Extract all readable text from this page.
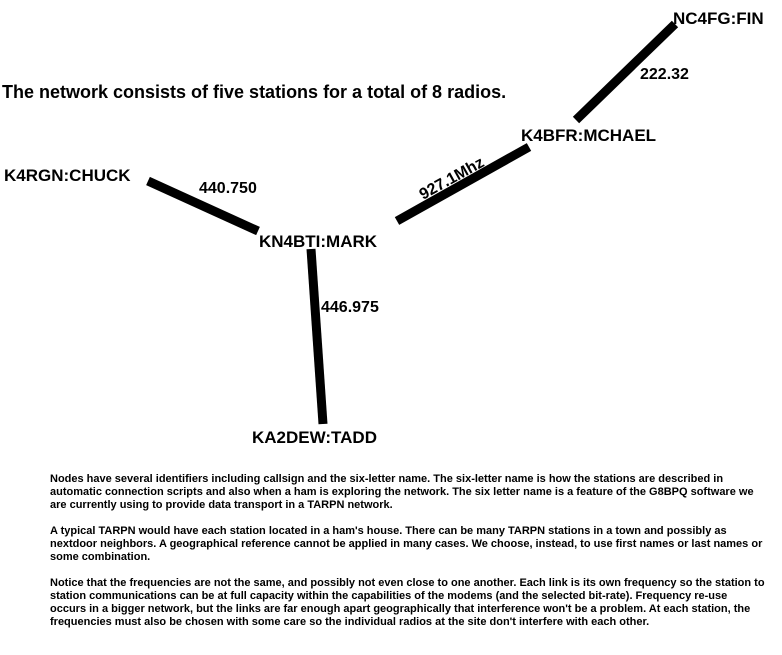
K4RGN:CHUCK
KN4BTI:MARK
KA2DEW:TADD
K4BFR:MCHAEL
NC4FG:FIN
440.750
446.975
927.1Mhz
222.32
The network consists of five stations for a total of 8 radios.

Nodes have several identifiers including callsign and the six-letter name. The six-letter name is how the stations are described in automatic connection scripts and also when a ham is exploring the network. The six letter name is a feature of the G8BPQ software we are currently using to provide data transport in a TARPN network.

A typical TARPN would have each station located in a ham's house. There can be many TARPN stations in a town and possibly as nextdoor neighbors. A geographical reference cannot be applied in many cases. We choose, instead, to use first names or last names or some combination.

Notice that the frequencies are not the same, and possibly not even close to one another. Each link is its own frequency so the station to station communications can be at full capacity within the capabilities of the modems (and the selected bit-rate). Frequency re-use occurs in a bigger network, but the links are far enough apart geographically that interference won't be a problem. At each station, the frequencies must also be chosen with some care so the individual radios at the site don't interfere with each other.
